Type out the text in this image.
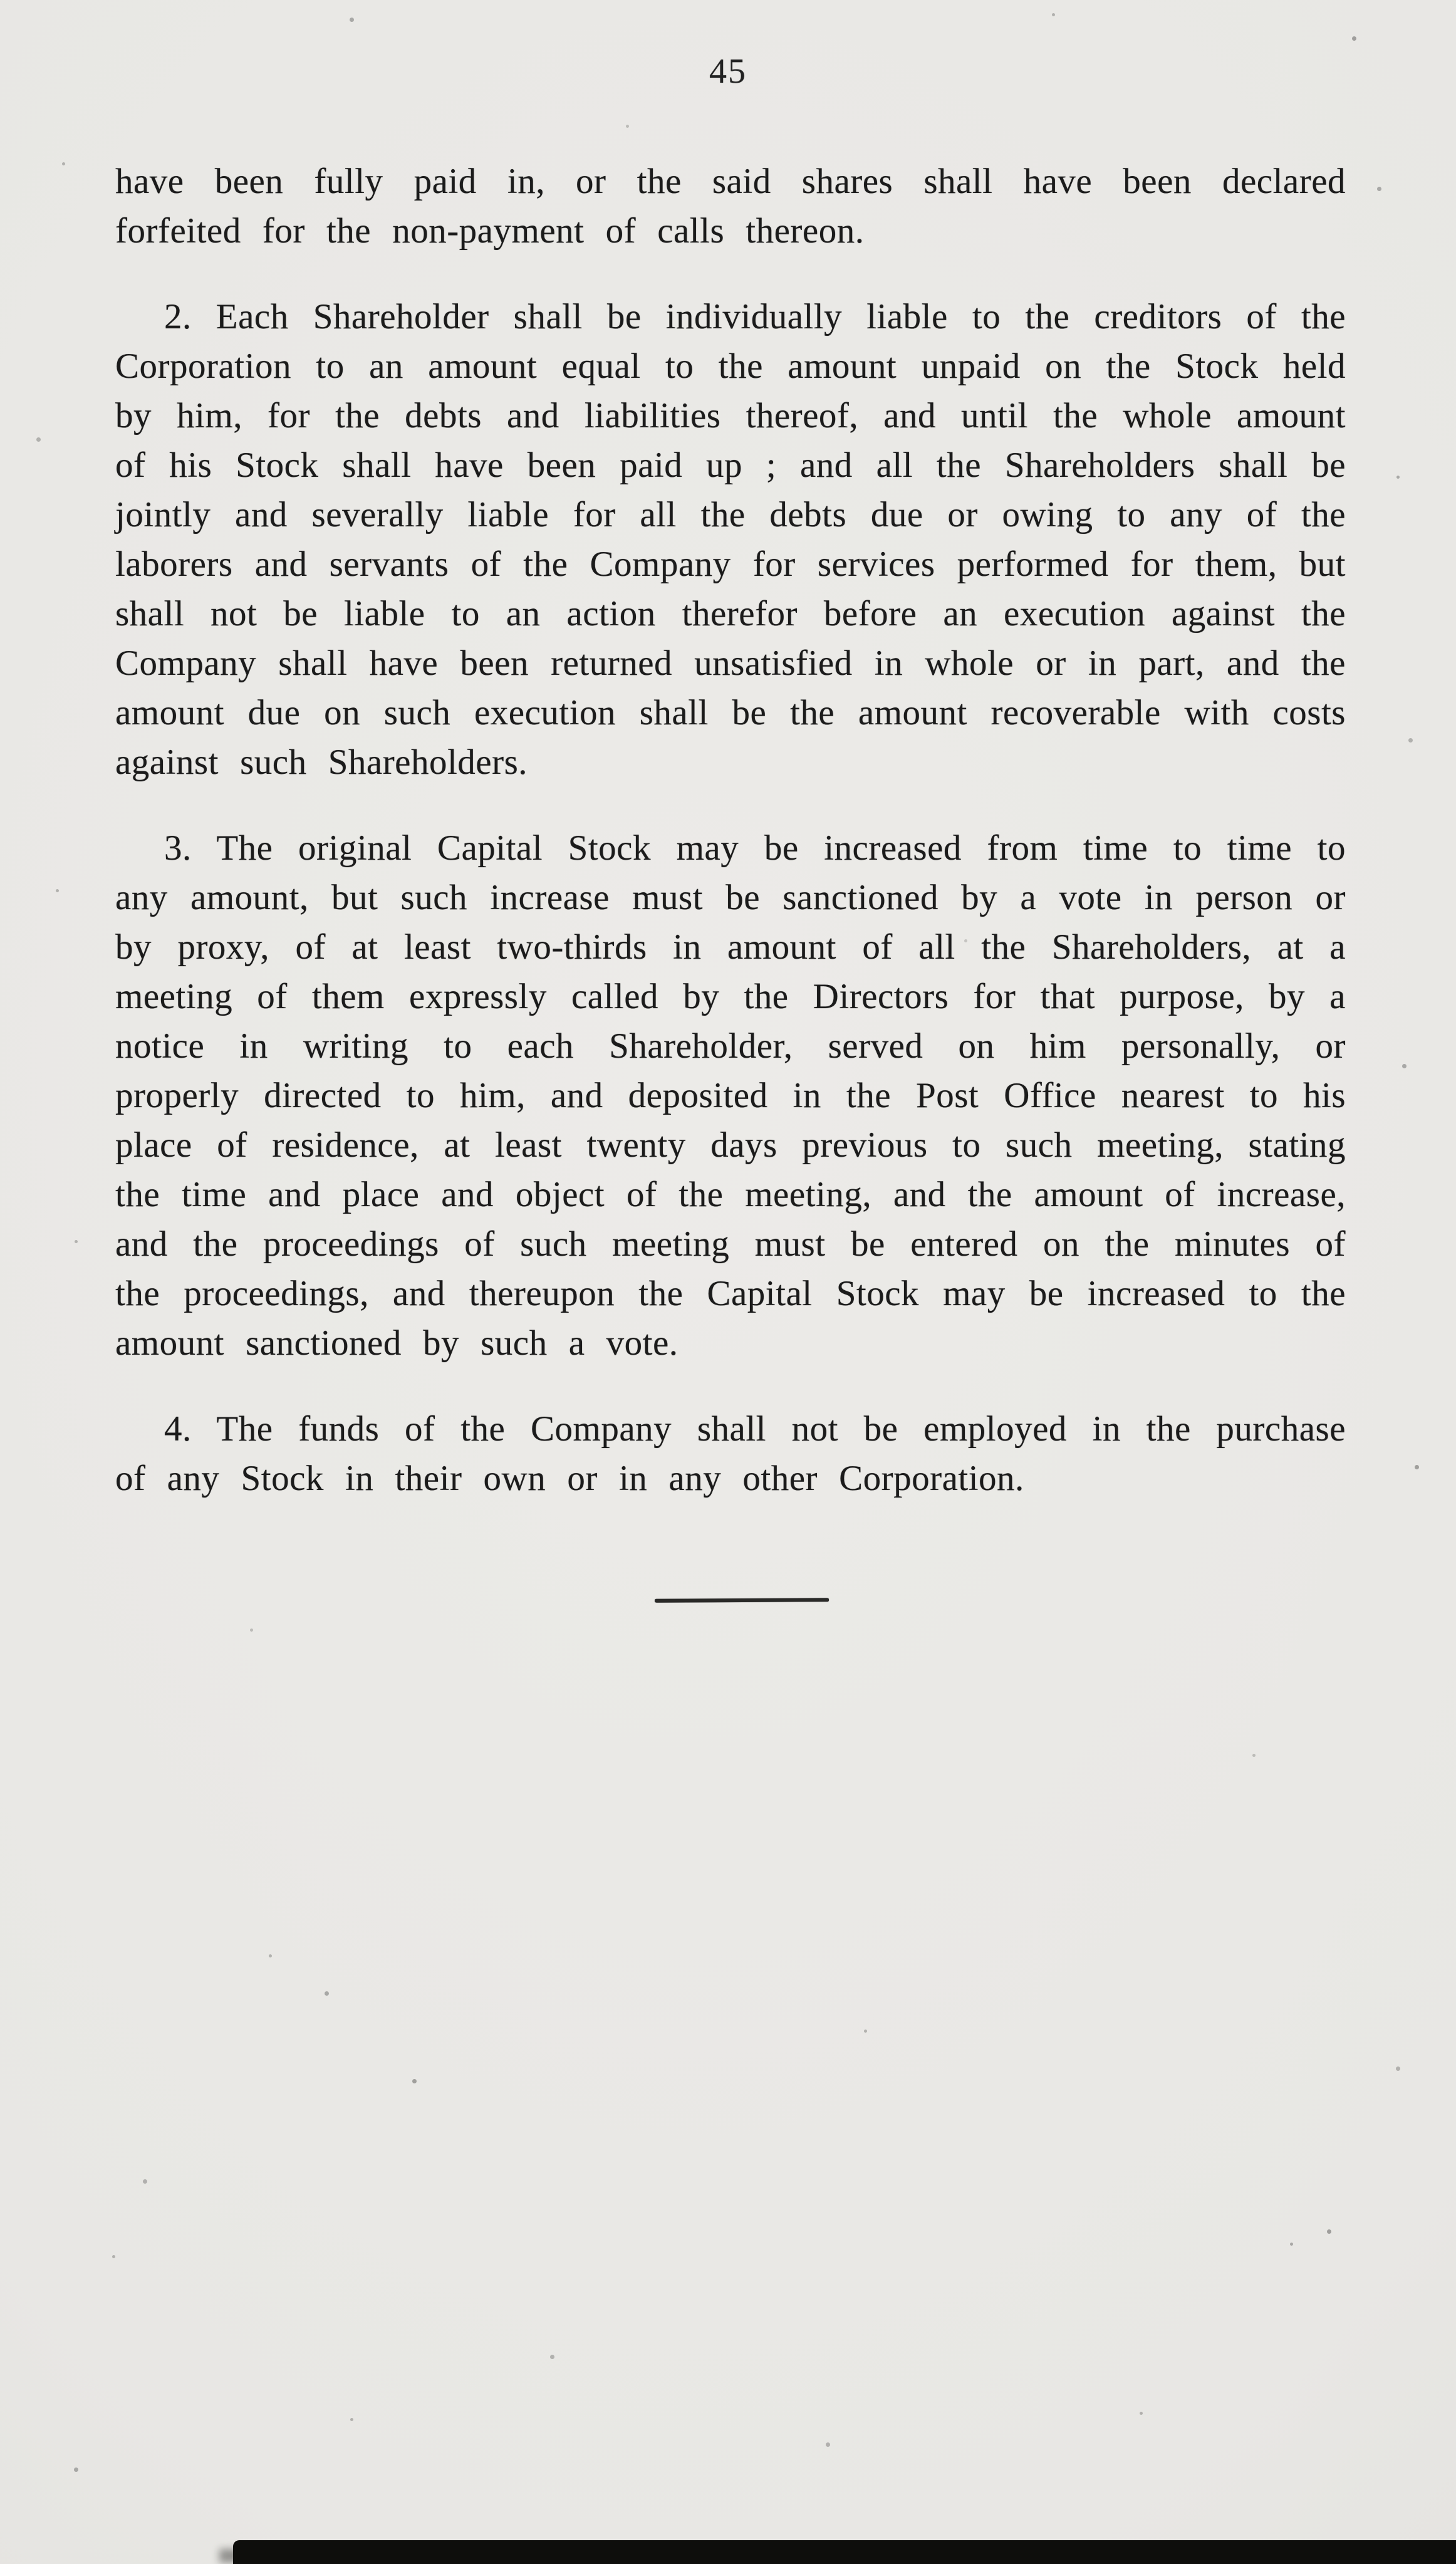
45

have been fully paid in, or the said shares shall have been declared forfeited for the non-payment of calls thereon.

2. Each Shareholder shall be individually liable to the creditors of the Corporation to an amount equal to the amount unpaid on the Stock held by him, for the debts and liabilities thereof, and until the whole amount of his Stock shall have been paid up ; and all the Shareholders shall be jointly and severally liable for all the debts due or owing to any of the laborers and servants of the Company for services performed for them, but shall not be liable to an action therefor before an execution against the Company shall have been returned unsatisfied in whole or in part, and the amount due on such execution shall be the amount recoverable with costs against such Shareholders.

3. The original Capital Stock may be increased from time to time to any amount, but such increase must be sanctioned by a vote in person or by proxy, of at least two-thirds in amount of all the Shareholders, at a meeting of them expressly called by the Directors for that purpose, by a notice in writing to each Shareholder, served on him personally, or properly directed to him, and deposited in the Post Office nearest to his place of residence, at least twenty days previous to such meeting, stating the time and place and object of the meeting, and the amount of increase, and the proceedings of such meeting must be entered on the minutes of the proceedings, and thereupon the Capital Stock may be increased to the amount sanctioned by such a vote.

4. The funds of the Company shall not be employed in the purchase of any Stock in their own or in any other Corporation.
